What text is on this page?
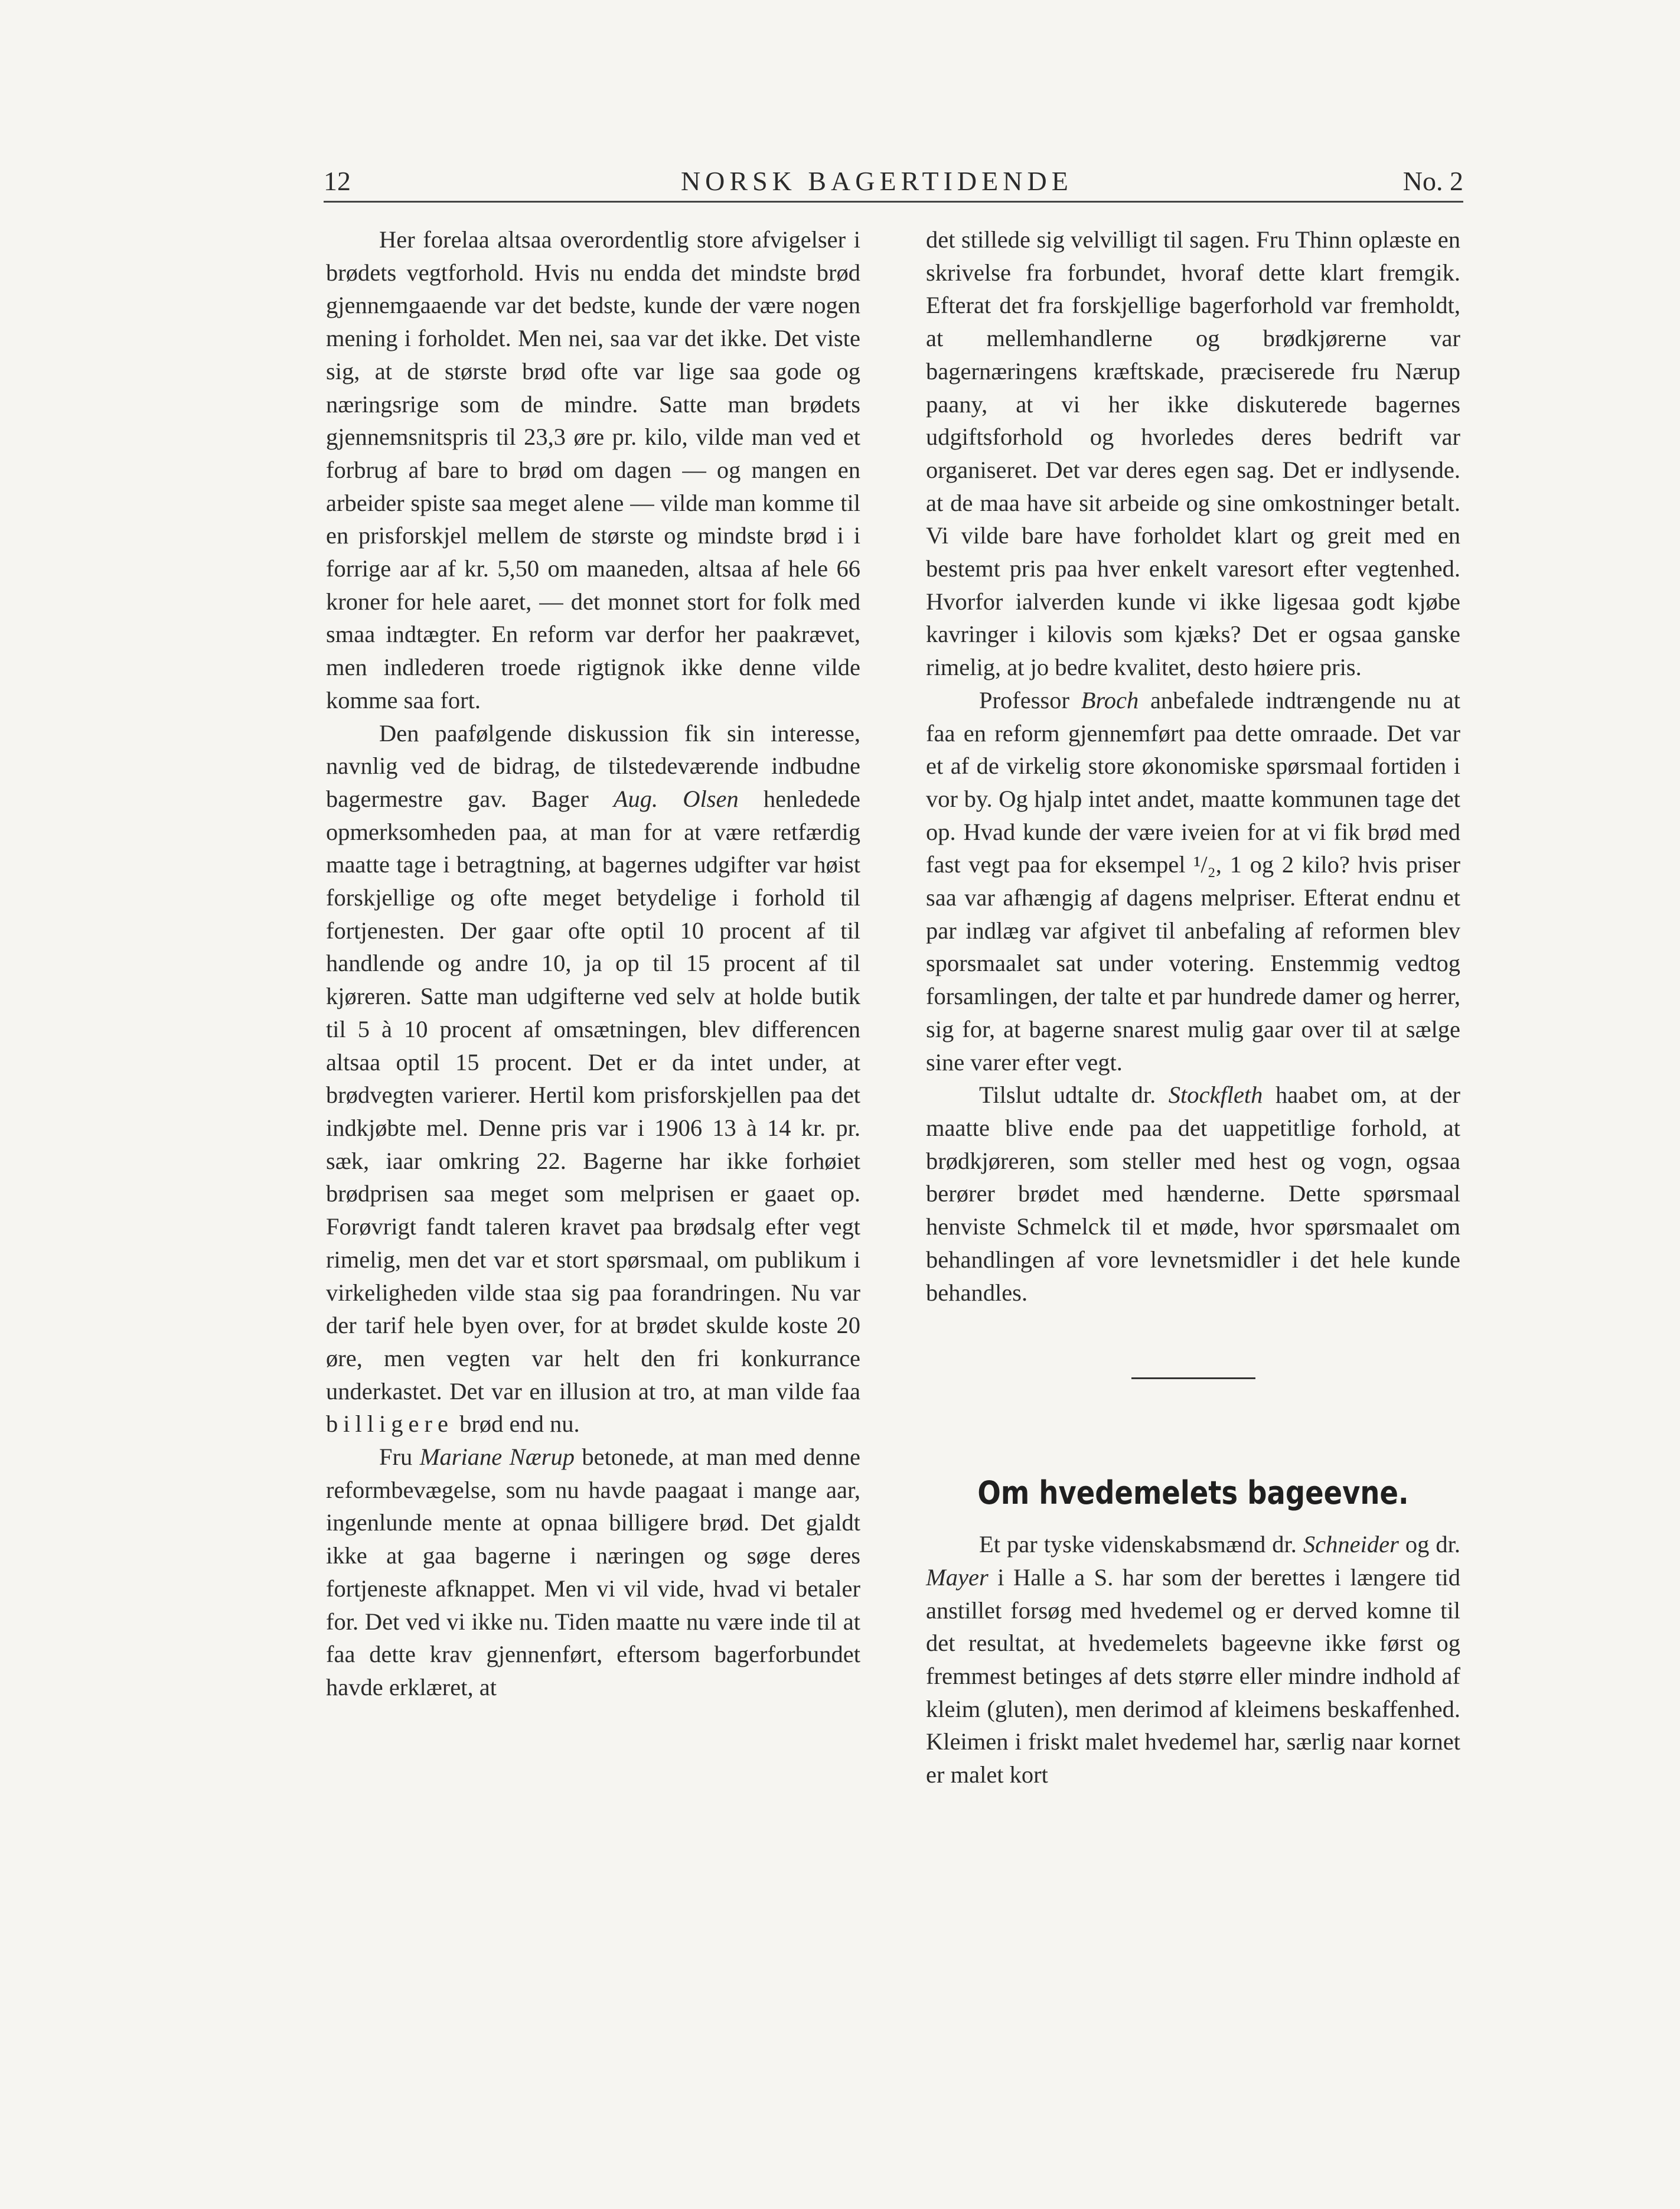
12	NORSK BAGERTIDENDE	No. 2

Her forelaa altsaa overordentlig store afvigelser i brødets vegtforhold. Hvis nu endda det mindste brød gjennemgaaende var det bedste, kunde der være nogen mening i forholdet. Men nei, saa var det ikke. Det viste sig, at de største brød ofte var lige saa gode og næringsrige som de mindre. Satte man brødets gjennemsnitspris til 23,3 øre pr. kilo, vilde man ved et forbrug af bare to brød om dagen — og mangen en arbeider spiste saa meget alene — vilde man komme til en prisforskjel mellem de største og mindste brød i i forrige aar af kr. 5,50 om maaneden, altsaa af hele 66 kroner for hele aaret, — det monnet stort for folk med smaa indtægter. En reform var derfor her paakrævet, men indlederen troede rigtignok ikke denne vilde komme saa fort.

Den paafølgende diskussion fik sin interesse, navnlig ved de bidrag, de tilstedeværende indbudne bagermestre gav. Bager Aug. Olsen henledede opmerksomheden paa, at man for at være retfærdig maatte tage i betragtning, at bagernes udgifter var høist forskjellige og ofte meget betydelige i forhold til fortjenesten. Der gaar ofte optil 10 procent af til handlende og andre 10, ja op til 15 procent af til kjøreren. Satte man udgifterne ved selv at holde butik til 5 à 10 procent af omsætningen, blev differencen altsaa optil 15 procent. Det er da intet under, at brødvegten varierer. Hertil kom prisforskjellen paa det indkjøbte mel. Denne pris var i 1906 13 à 14 kr. pr. sæk, iaar omkring 22. Bagerne har ikke forhøiet brødprisen saa meget som melprisen er gaaet op. Forøvrigt fandt taleren kravet paa brødsalg efter vegt rimelig, men det var et stort spørsmaal, om publikum i virkeligheden vilde staa sig paa forandringen. Nu var der tarif hele byen over, for at brødet skulde koste 20 øre, men vegten var helt den fri konkurrance underkastet. Det var en illusion at tro, at man vilde faa billigere brød end nu.

Fru Mariane Nærup betonede, at man med denne reformbevægelse, som nu havde paagaat i mange aar, ingenlunde mente at opnaa billigere brød. Det gjaldt ikke at gaa bagerne i næringen og søge deres fortjeneste afknappet. Men vi vil vide, hvad vi betaler for. Det ved vi ikke nu. Tiden maatte nu være inde til at faa dette krav gjennenført, eftersom bagerforbundet havde erklæret, at

det stillede sig velvilligt til sagen. Fru Thinn oplæste en skrivelse fra forbundet, hvoraf dette klart fremgik. Efterat det fra forskjellige bagerforhold var fremholdt, at mellemhandlerne og brødkjørerne var bagernæringens kræftskade, præciserede fru Nærup paany, at vi her ikke diskuterede bagernes udgiftsforhold og hvorledes deres bedrift var organiseret. Det var deres egen sag. Det er indlysende. at de maa have sit arbeide og sine omkostninger betalt. Vi vilde bare have forholdet klart og greit med en bestemt pris paa hver enkelt varesort efter vegtenhed. Hvorfor ialverden kunde vi ikke ligesaa godt kjøbe kavringer i kilovis som kjæks? Det er ogsaa ganske rimelig, at jo bedre kvalitet, desto høiere pris.

Professor Broch anbefalede indtrængende nu at faa en reform gjennemført paa dette omraade. Det var et af de virkelig store økonomiske spørsmaal fortiden i vor by. Og hjalp intet andet, maatte kommunen tage det op. Hvad kunde der være iveien for at vi fik brød med fast vegt paa for eksempel ¹/₂, 1 og 2 kilo? hvis priser saa var afhængig af dagens melpriser. Efterat endnu et par indlæg var afgivet til anbefaling af reformen blev sporsmaalet sat under votering. Enstemmig vedtog forsamlingen, der talte et par hundrede damer og herrer, sig for, at bagerne snarest mulig gaar over til at sælge sine varer efter vegt.

Tilslut udtalte dr. Stockfleth haabet om, at der maatte blive ende paa det uappetitlige forhold, at brødkjøreren, som steller med hest og vogn, ogsaa berører brødet med hænderne. Dette spørsmaal henviste Schmelck til et møde, hvor spørsmaalet om behandlingen af vore levnetsmidler i det hele kunde behandles.

Om hvedemelets bageevne.

Et par tyske videnskabsmænd dr. Schneider og dr. Mayer i Halle a S. har som der berettes i længere tid anstillet forsøg med hvedemel og er derved komne til det resultat, at hvedemelets bageevne ikke først og fremmest betinges af dets større eller mindre indhold af kleim (gluten), men derimod af kleimens beskaffenhed. Kleimen i friskt malet hvedemel har, særlig naar kornet er malet kort
